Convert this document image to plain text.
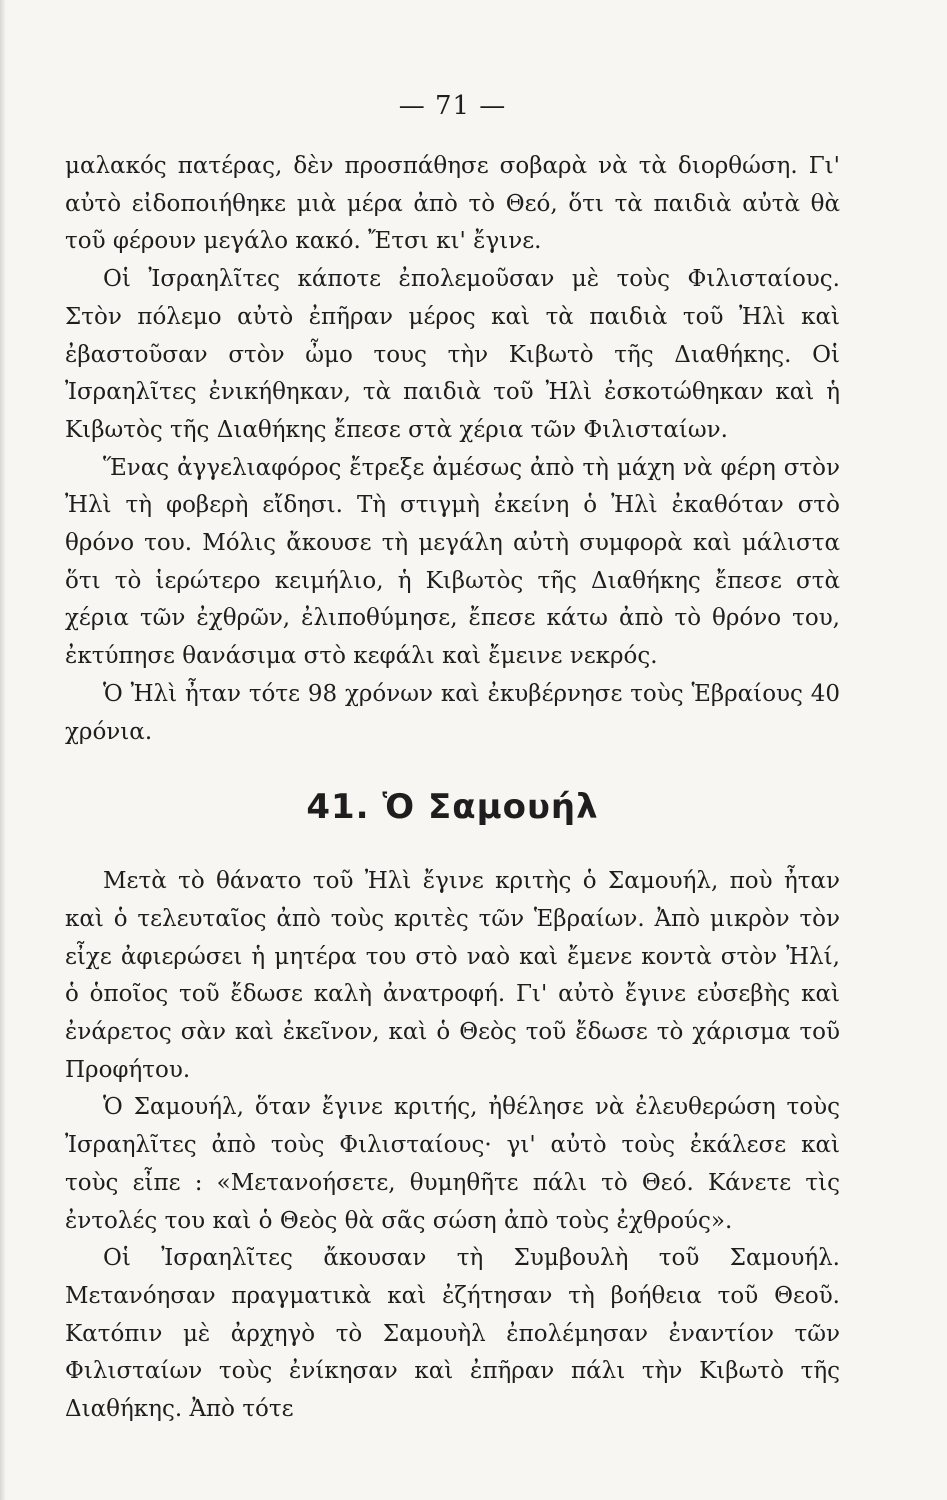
— 71 —

μαλακός πατέρας, δὲν προσπάθησε σοβαρὰ νὰ τὰ διορθώση. Γι' αὐτὸ εἰδοποιήθηκε μιὰ μέρα ἀπὸ τὸ Θεό, ὅτι τὰ παιδιὰ αὐτὰ θὰ τοῦ φέρουν μεγάλο κακό. Ἔτσι κι' ἔγινε.

Οἱ Ἰσραηλῖτες κάποτε ἐπολεμοῦσαν μὲ τοὺς Φιλισταίους. Στὸν πόλεμο αὐτὸ ἐπῆραν μέρος καὶ τὰ παιδιὰ τοῦ Ἠλὶ καὶ ἐβαστοῦσαν στὸν ὦμο τους τὴν Κιβωτὸ τῆς Διαθήκης. Οἱ Ἰσραηλῖτες ἐνικήθηκαν, τὰ παιδιὰ τοῦ Ἠλὶ ἐσκοτώθηκαν καὶ ἡ Κιβωτὸς τῆς Διαθήκης ἔπεσε στὰ χέρια τῶν Φιλισταίων.

Ἕνας ἀγγελιαφόρος ἔτρεξε ἀμέσως ἀπὸ τὴ μάχη νὰ φέρη στὸν Ἠλὶ τὴ φοβερὴ εἴδησι. Τὴ στιγμὴ ἐκείνη ὁ Ἠλὶ ἐκαθόταν στὸ θρόνο του. Μόλις ἄκουσε τὴ μεγάλη αὐτὴ συμφορὰ καὶ μάλιστα ὅτι τὸ ἱερώτερο κειμήλιο, ἡ Κιβωτὸς τῆς Διαθήκης ἔπεσε στὰ χέρια τῶν ἐχθρῶν, ἐλιποθύμησε, ἔπεσε κάτω ἀπὸ τὸ θρόνο του, ἐκτύπησε θανάσιμα στὸ κεφάλι καὶ ἔμεινε νεκρός.

Ὁ Ἠλὶ ἦταν τότε 98 χρόνων καὶ ἐκυβέρνησε τοὺς Ἑβραίους 40 χρόνια.

41. Ὁ Σαμουήλ

Μετὰ τὸ θάνατο τοῦ Ἠλὶ ἔγινε κριτὴς ὁ Σαμουήλ, ποὺ ἦταν καὶ ὁ τελευταῖος ἀπὸ τοὺς κριτὲς τῶν Ἑβραίων. Ἀπὸ μικρὸν τὸν εἶχε ἀφιερώσει ἡ μητέρα του στὸ ναὸ καὶ ἔμενε κοντὰ στὸν Ἠλί, ὁ ὁποῖος τοῦ ἔδωσε καλὴ ἀνατροφή. Γι' αὐτὸ ἔγινε εὐσεβὴς καὶ ἐνάρετος σὰν καὶ ἐκεῖνον, καὶ ὁ Θεὸς τοῦ ἔδωσε τὸ χάρισμα τοῦ Προφήτου.

Ὁ Σαμουήλ, ὅταν ἔγινε κριτής, ἠθέλησε νὰ ἐλευθερώση τοὺς Ἰσραηλῖτες ἀπὸ τοὺς Φιλισταίους· γι' αὐτὸ τοὺς ἐκάλεσε καὶ τοὺς εἶπε : «Μετανοήσετε, θυμηθῆτε πάλι τὸ Θεό. Κάνετε τὶς ἐντολές του καὶ ὁ Θεὸς θὰ σᾶς σώση ἀπὸ τοὺς ἐχθρούς».

Οἱ Ἰσραηλῖτες ἄκουσαν τὴ Συμβουλὴ τοῦ Σαμουήλ. Μετανόησαν πραγματικὰ καὶ ἐζήτησαν τὴ βοήθεια τοῦ Θεοῦ. Κατόπιν μὲ ἀρχηγὸ τὸ Σαμουὴλ ἐπολέμησαν ἐναντίον τῶν Φιλισταίων τοὺς ἐνίκησαν καὶ ἐπῆραν πάλι τὴν Κιβωτὸ τῆς Διαθήκης. Ἀπὸ τότε
